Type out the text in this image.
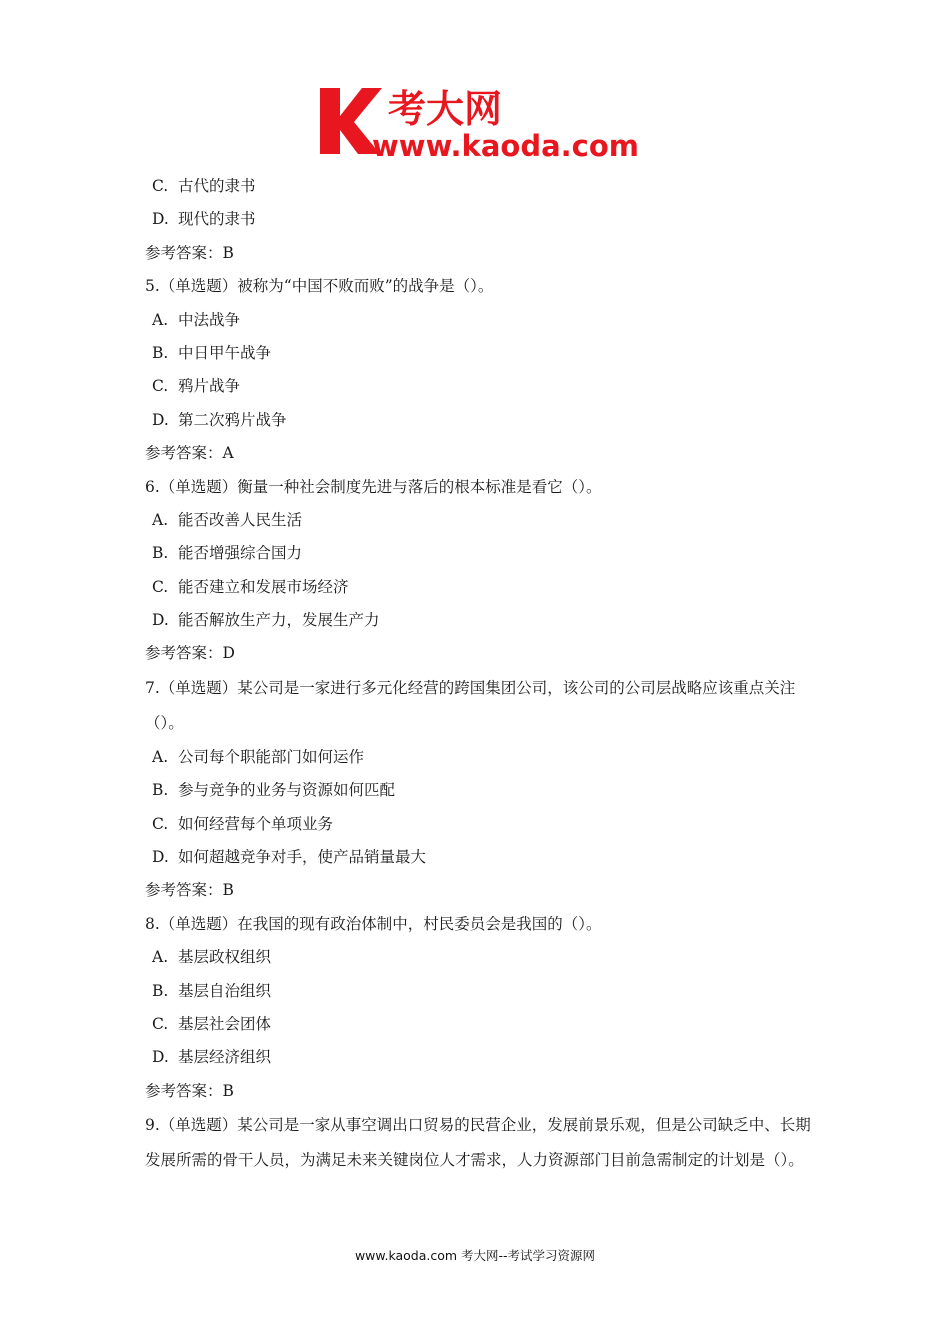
考大网
www.kaoda.com
C. 古代的隶书
D. 现代的隶书
参考答案：B
5.（单选题）被称为“中国不败而败”的战争是（）。
A. 中法战争
B. 中日甲午战争
C. 鸦片战争
D. 第二次鸦片战争
参考答案：A
6.（单选题）衡量一种社会制度先进与落后的根本标准是看它（）。
A. 能否改善人民生活
B. 能否增强综合国力
C. 能否建立和发展市场经济
D. 能否解放生产力，发展生产力
参考答案：D
7.（单选题）某公司是一家进行多元化经营的跨国集团公司，该公司的公司层战略应该重点关注（）。
A. 公司每个职能部门如何运作
B. 参与竞争的业务与资源如何匹配
C. 如何经营每个单项业务
D. 如何超越竞争对手，使产品销量最大
参考答案：B
8.（单选题）在我国的现有政治体制中，村民委员会是我国的（）。
A. 基层政权组织
B. 基层自治组织
C. 基层社会团体
D. 基层经济组织
参考答案：B
9.（单选题）某公司是一家从事空调出口贸易的民营企业，发展前景乐观，但是公司缺乏中、长期发展所需的骨干人员，为满足未来关键岗位人才需求，人力资源部门目前急需制定的计划是（）。
www.kaoda.com 考大网--考试学习资源网
